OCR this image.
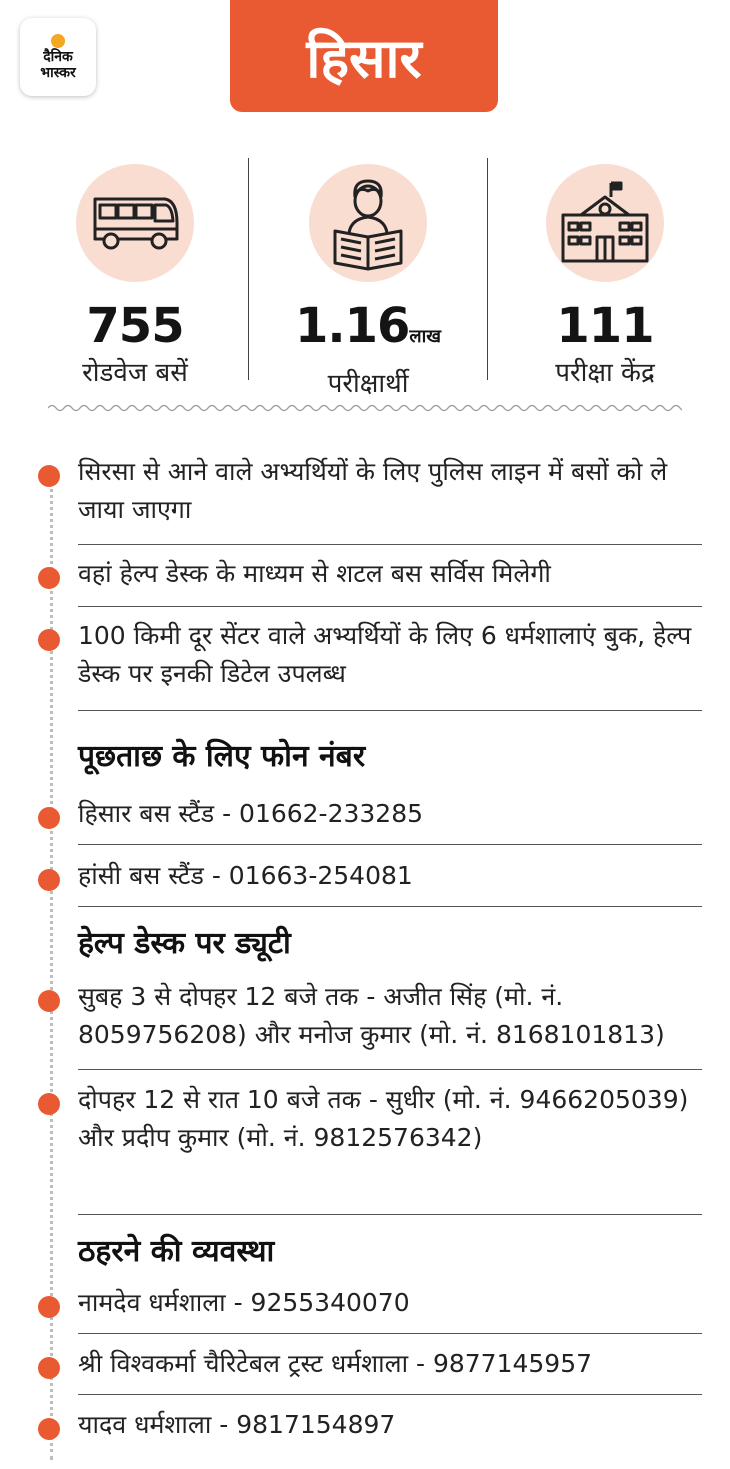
दैनिक
भास्कर	हिसार
755
रोडवेज बसें
1.16लाख
परीक्षार्थी
111
परीक्षा केंद्र
सिरसा से आने वाले अभ्यर्थियों के लिए पुलिस लाइन में बसों को ले जाया जाएगा
वहां हेल्प डेस्क के माध्यम से शटल बस सर्विस मिलेगी
100 किमी दूर सेंटर वाले अभ्यर्थियों के लिए 6 धर्मशालाएं बुक, हेल्प डेस्क पर इनकी डिटेल उपलब्ध
पूछताछ के लिए फोन नंबर
हिसार बस स्टैंड - 01662-233285
हांसी बस स्टैंड - 01663-254081
हेल्प डेस्क पर ड्यूटी
सुबह 3 से दोपहर 12 बजे तक - अजीत सिंह (मो. नं. 8059756208) और मनोज कुमार (मो. नं. 8168101813)
दोपहर 12 से रात 10 बजे तक - सुधीर (मो. नं. 9466205039) और प्रदीप कुमार (मो. नं. 9812576342)
ठहरने की व्यवस्था
नामदेव धर्मशाला - 9255340070
श्री विश्वकर्मा चैरिटेबल ट्रस्ट धर्मशाला - 9877145957
यादव धर्मशाला - 9817154897
